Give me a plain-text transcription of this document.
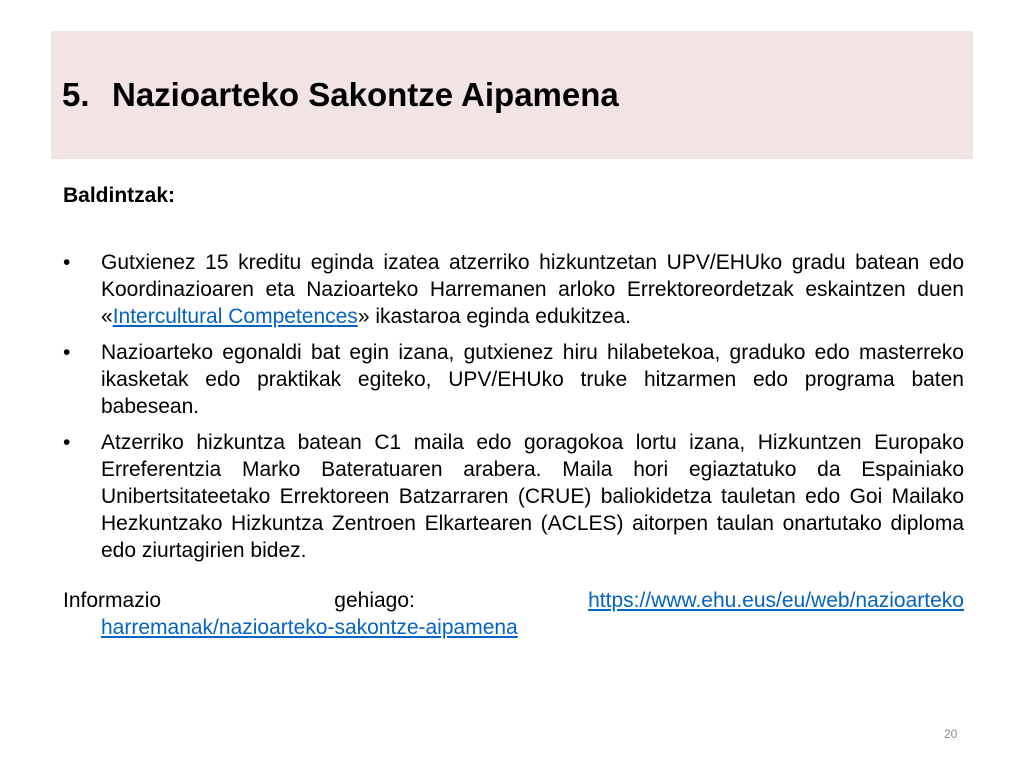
5. Nazioarteko Sakontze Aipamena

Baldintzak:

•	Gutxienez 15 kreditu eginda izatea atzerriko hizkuntzetan UPV/EHUko gradu batean edo Koordinazioaren eta Nazioarteko Harremanen arloko Errektoreordetzak eskaintzen duen «Intercultural Competences» ikastaroa eginda edukitzea.
•	Nazioarteko egonaldi bat egin izana, gutxienez hiru hilabetekoa, graduko edo masterreko ikasketak edo praktikak egiteko, UPV/EHUko truke hitzarmen edo programa baten babesean.
•	Atzerriko hizkuntza batean C1 maila edo goragokoa lortu izana, Hizkuntzen Europako Erreferentzia Marko Bateratuaren arabera. Maila hori egiaztatuko da Espainiako Unibertsitateetako Errektoreen Batzarraren (CRUE) baliokidetza tauletan edo Goi Mailako Hezkuntzako Hizkuntza Zentroen Elkartearen (ACLES) aitorpen taulan onartutako diploma edo ziurtagirien bidez.
Informazio	gehiago:	https://www.ehu.eus/eu/web/nazioarteko
harremanak/nazioarteko-sakontze-aipamena
20
